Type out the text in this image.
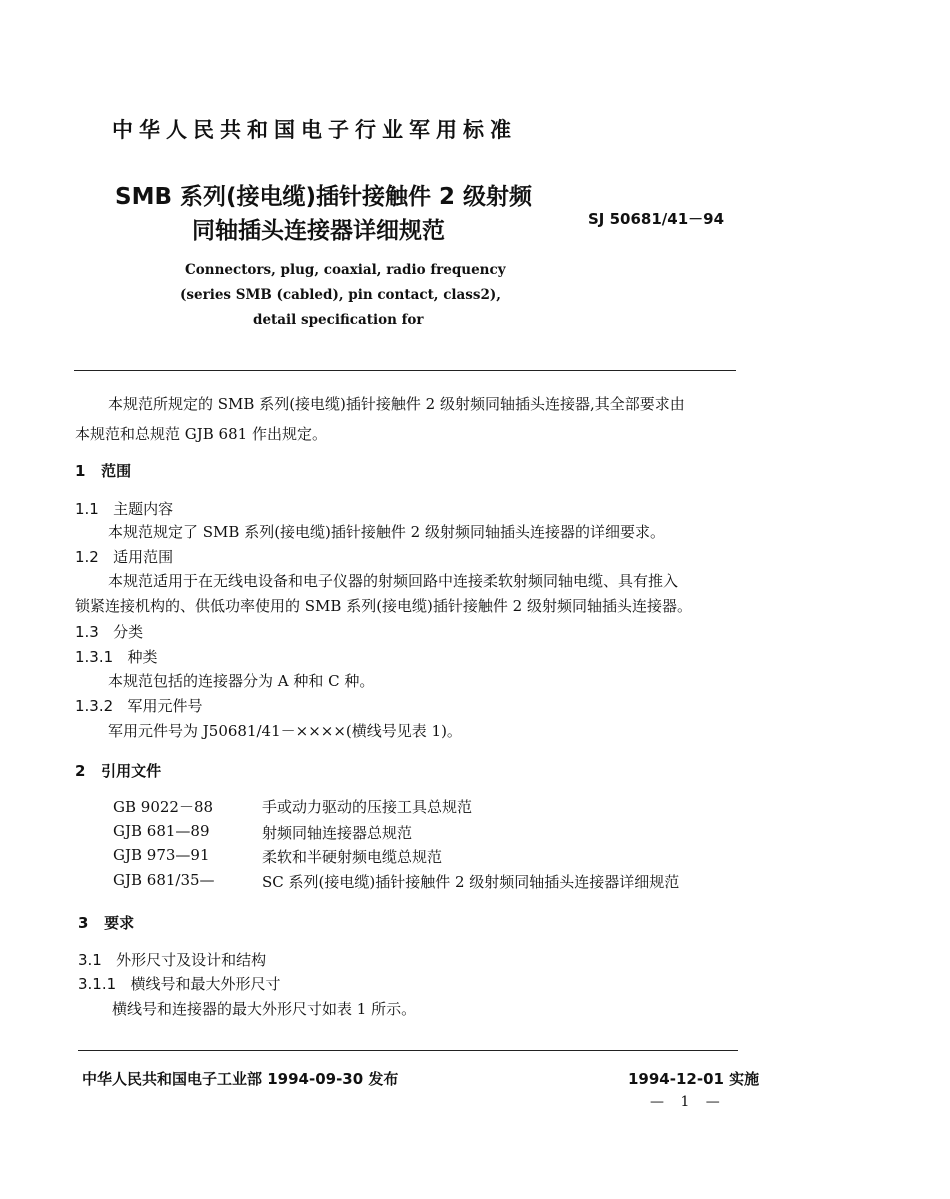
中华人民共和国电子行业军用标准
SMB 系列(接电缆)插针接触件 2 级射频
同轴插头连接器详细规范	SJ 50681/41－94
Connectors, plug, coaxial, radio frequency
(series SMB (cabled), pin contact, class2),
detail specification for
本规范所规定的 SMB 系列(接电缆)插针接触件 2 级射频同轴插头连接器,其全部要求由
本规范和总规范 GJB 681 作出规定。
1 范围
1.1 主题内容
本规范规定了 SMB 系列(接电缆)插针接触件 2 级射频同轴插头连接器的详细要求。
1.2 适用范围
本规范适用于在无线电设备和电子仪器的射频回路中连接柔软射频同轴电缆、具有推入
锁紧连接机构的、供低功率使用的 SMB 系列(接电缆)插针接触件 2 级射频同轴插头连接器。
1.3 分类
1.3.1 种类
本规范包括的连接器分为 A 种和 C 种。
1.3.2 军用元件号
军用元件号为 J50681/41－××××(横线号见表 1)。
2 引用文件
GB 9022－88	手或动力驱动的压接工具总规范
GJB 681—89	射频同轴连接器总规范
GJB 973—91	柔软和半硬射频电缆总规范
GJB 681/35—	SC 系列(接电缆)插针接触件 2 级射频同轴插头连接器详细规范
3 要求
3.1 外形尺寸及设计和结构
3.1.1 横线号和最大外形尺寸
横线号和连接器的最大外形尺寸如表 1 所示。
中华人民共和国电子工业部 1994-09-30 发布	1994-12-01 实施
— 1 —
